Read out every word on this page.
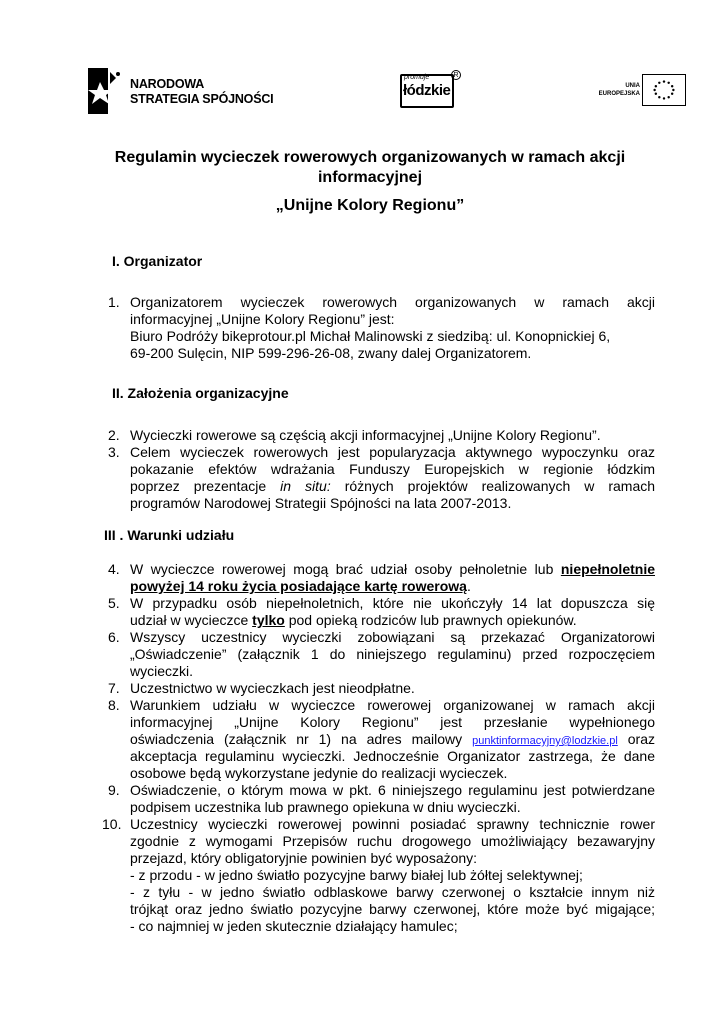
NARODOWA
STRATEGIA SPÓJNOŚCI
promuje
łódzkie
R
UNIA
EUROPEJSKA
Regulamin wycieczek rowerowych organizowanych w ramach akcji
informacyjnej
„Unijne Kolory Regionu”
I. Organizator
1. Organizatorem wycieczek rowerowych organizowanych w ramach akcji
informacyjnej „Unijne Kolory Regionu” jest:
Biuro Podróży bikeprotour.pl Michał Malinowski z siedzibą: ul. Konopnickiej 6,
69-200 Sulęcin, NIP 599-296-26-08, zwany dalej Organizatorem.
II. Założenia organizacyjne
2. Wycieczki rowerowe są częścią akcji informacyjnej „Unijne Kolory Regionu”.
3. Celem wycieczek rowerowych jest popularyzacja aktywnego wypoczynku oraz
pokazanie efektów wdrażania Funduszy Europejskich w regionie łódzkim
poprzez prezentacje in situ: różnych projektów realizowanych w ramach
programów Narodowej Strategii Spójności na lata 2007-2013.
III . Warunki udziału
4. W wycieczce rowerowej mogą brać udział osoby pełnoletnie lub niepełnoletnie
powyżej 14 roku życia posiadające kartę rowerową.
5. W przypadku osób niepełnoletnich, które nie ukończyły 14 lat dopuszcza się
udział w wycieczce tylko pod opieką rodziców lub prawnych opiekunów.
6. Wszyscy uczestnicy wycieczki zobowiązani są przekazać Organizatorowi
„Oświadczenie” (załącznik 1 do niniejszego regulaminu) przed rozpoczęciem
wycieczki.
7. Uczestnictwo w wycieczkach jest nieodpłatne.
8. Warunkiem udziału w wycieczce rowerowej organizowanej w ramach akcji
informacyjnej „Unijne Kolory Regionu” jest przesłanie wypełnionego
oświadczenia (załącznik nr 1) na adres mailowy punktinformacyjny@lodzkie.pl oraz
akceptacja regulaminu wycieczki. Jednocześnie Organizator zastrzega, że dane
osobowe będą wykorzystane jedynie do realizacji wycieczek.
9. Oświadczenie, o którym mowa w pkt. 6 niniejszego regulaminu jest potwierdzane
podpisem uczestnika lub prawnego opiekuna w dniu wycieczki.
10. Uczestnicy wycieczki rowerowej powinni posiadać sprawny technicznie rower
zgodnie z wymogami Przepisów ruchu drogowego umożliwiający bezawaryjny
przejazd, który obligatoryjnie powinien być wyposażony:
- z przodu - w jedno światło pozycyjne barwy białej lub żółtej selektywnej;
- z tyłu - w jedno światło odblaskowe barwy czerwonej o kształcie innym niż
trójkąt oraz jedno światło pozycyjne barwy czerwonej, które może być migające;
- co najmniej w jeden skutecznie działający hamulec;
